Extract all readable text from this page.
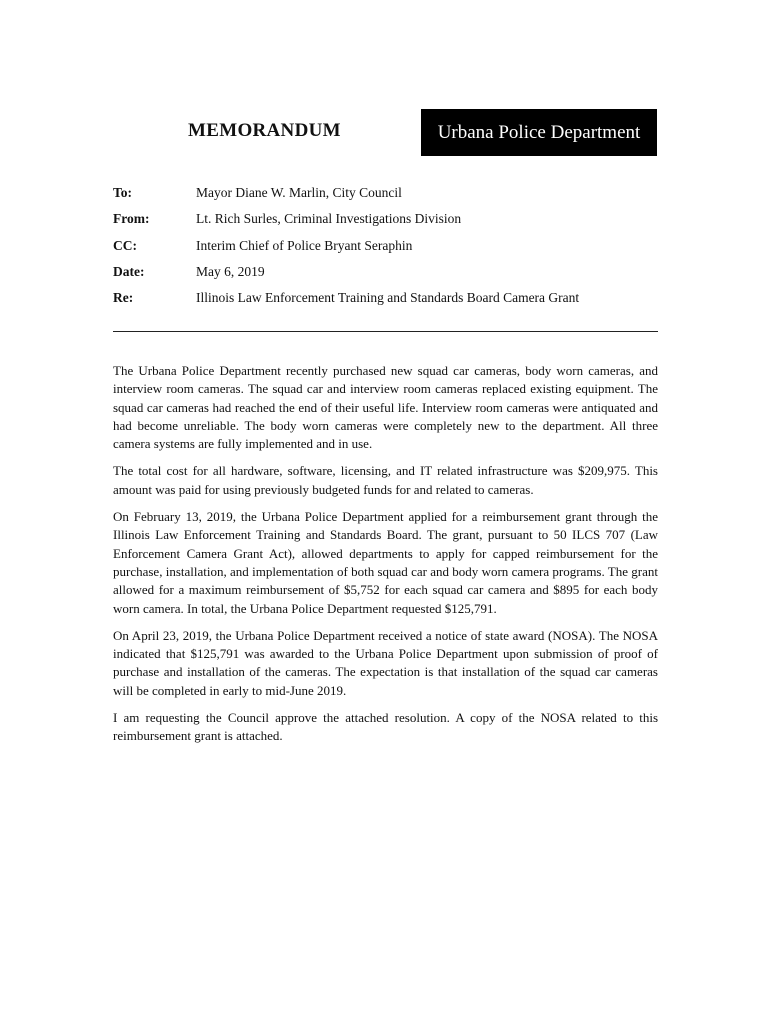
MEMORANDUM	Urbana Police Department
To:	Mayor Diane W. Marlin, City Council
From:	Lt. Rich Surles, Criminal Investigations Division
CC:	Interim Chief of Police Bryant Seraphin
Date:	May 6, 2019
Re:	Illinois Law Enforcement Training and Standards Board Camera Grant

The Urbana Police Department recently purchased new squad car cameras, body worn cameras, and interview room cameras. The squad car and interview room cameras replaced existing equipment. The squad car cameras had reached the end of their useful life. Interview room cameras were antiquated and had become unreliable. The body worn cameras were completely new to the department. All three camera systems are fully implemented and in use.

The total cost for all hardware, software, licensing, and IT related infrastructure was $209,975. This amount was paid for using previously budgeted funds for and related to cameras.

On February 13, 2019, the Urbana Police Department applied for a reimbursement grant through the Illinois Law Enforcement Training and Standards Board. The grant, pursuant to 50 ILCS 707 (Law Enforcement Camera Grant Act), allowed departments to apply for capped reimbursement for the purchase, installation, and implementation of both squad car and body worn camera programs. The grant allowed for a maximum reimbursement of $5,752 for each squad car camera and $895 for each body worn camera. In total, the Urbana Police Department requested $125,791.

On April 23, 2019, the Urbana Police Department received a notice of state award (NOSA). The NOSA indicated that $125,791 was awarded to the Urbana Police Department upon submission of proof of purchase and installation of the cameras. The expectation is that installation of the squad car cameras will be completed in early to mid-June 2019.

I am requesting the Council approve the attached resolution. A copy of the NOSA related to this reimbursement grant is attached.
